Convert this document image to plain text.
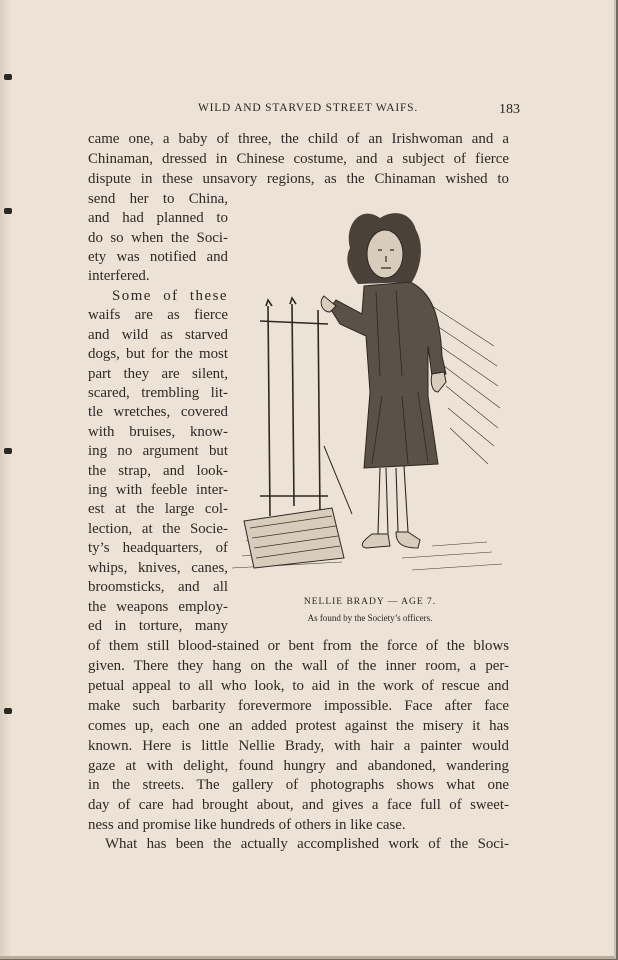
WILD AND STARVED STREET WAIFS.	183
came one, a baby of three, the child of an Irishwoman and a
Chinaman, dressed in Chinese costume, and a subject of fierce
dispute in these unsavory regions, as the Chinaman wished to
send her to China,
and had planned to
do so when the Soci-
ety was notified and
interfered.
Some of these
waifs are as fierce
and wild as starved
dogs, but for the most
part they are silent,
scared, trembling lit-
tle wretches, covered
with bruises, know-
ing no argument but
the strap, and look-
ing with feeble inter-
est at the large col-
lection, at the Socie-
ty’s headquarters, of
whips, knives, canes,
broomsticks, and all
the weapons employ-
ed in torture, many
of them still blood-stained or bent from the force of the blows
given. There they hang on the wall of the inner room, a per-
petual appeal to all who look, to aid in the work of rescue and
make such barbarity forevermore impossible. Face after face
comes up, each one an added protest against the misery it has
known. Here is little Nellie Brady, with hair a painter would
gaze at with delight, found hungry and abandoned, wandering
in the streets. The gallery of photographs shows what one
day of care had brought about, and gives a face full of sweet-
ness and promise like hundreds of others in like case.
What has been the actually accomplished work of the Soci-
NELLIE BRADY — AGE 7.
As found by the Society’s officers.
